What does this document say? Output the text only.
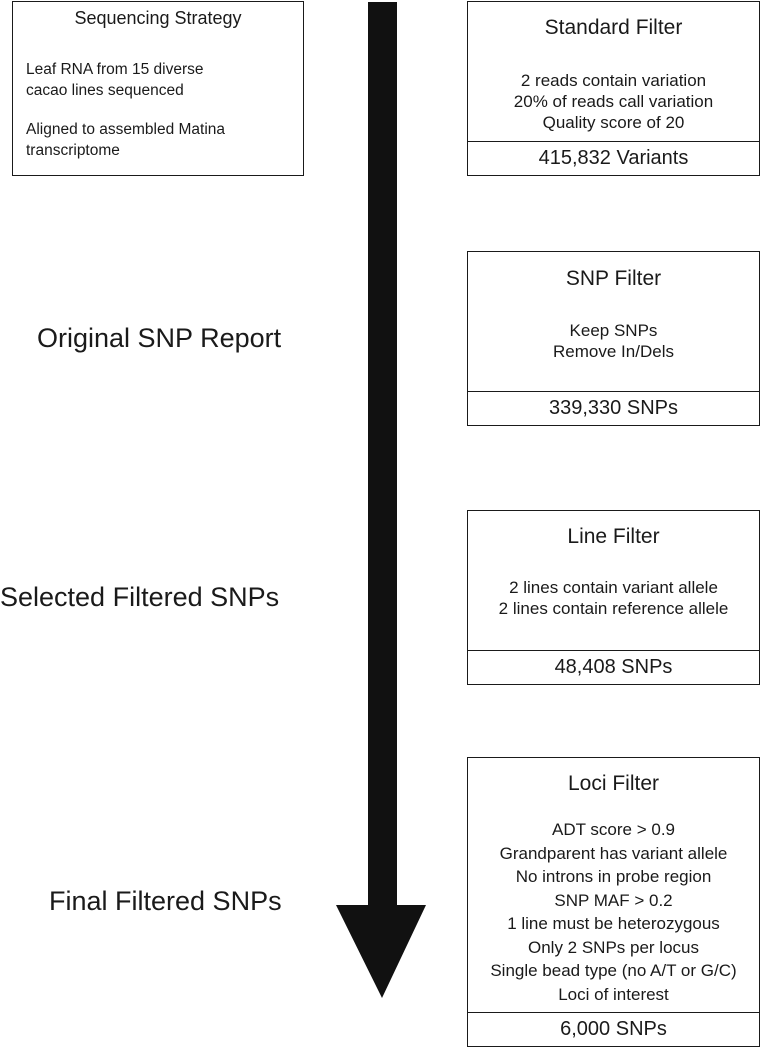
Sequencing Strategy
Leaf RNA from 15 diverse cacao lines sequenced
Aligned to assembled Matina transcriptome
Original SNP Report
Selected Filtered SNPs
Final Filtered SNPs
Standard Filter
2 reads contain variation
20% of reads call variation
Quality score of 20
415,832 Variants
SNP Filter
Keep SNPs
Remove In/Dels
339,330 SNPs
Line Filter
2 lines contain variant allele
2 lines contain reference allele
48,408 SNPs
Loci Filter
ADT score > 0.9
Grandparent has variant allele
No introns in probe region
SNP MAF > 0.2
1 line must be heterozygous
Only 2 SNPs per locus
Single bead type (no A/T or G/C)
Loci of interest
6,000 SNPs
